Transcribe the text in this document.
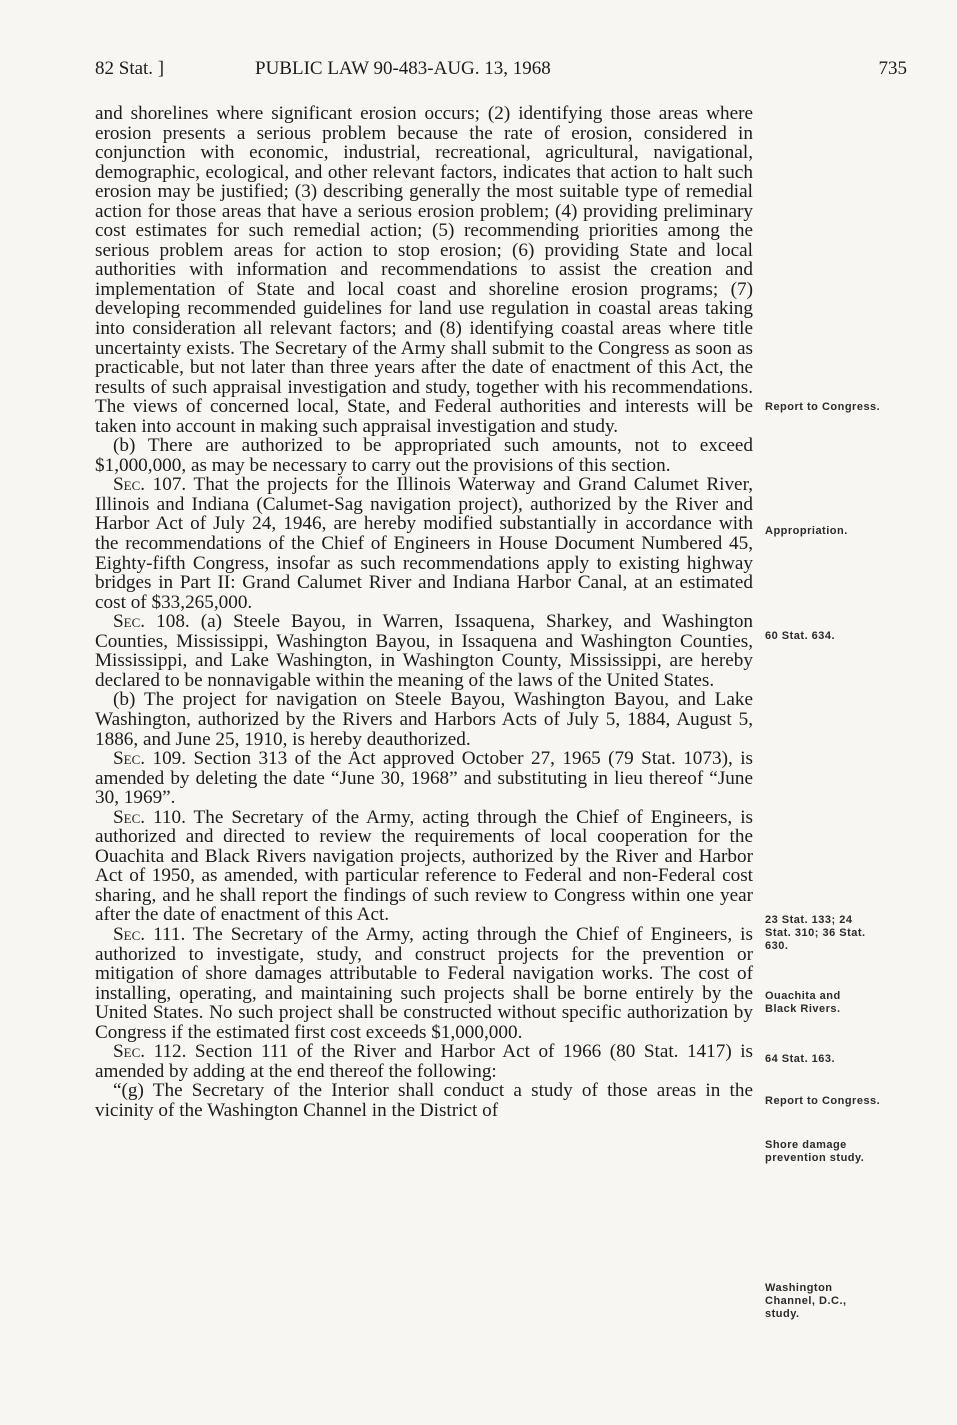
82 Stat. ]	PUBLIC LAW 90-483-AUG. 13, 1968	735

and shorelines where significant erosion occurs; (2) identifying those areas where erosion presents a serious problem because the rate of erosion, considered in conjunction with economic, industrial, recreational, agricultural, navigational, demographic, ecological, and other relevant factors, indicates that action to halt such erosion may be justified; (3) describing generally the most suitable type of remedial action for those areas that have a serious erosion problem; (4) providing preliminary cost estimates for such remedial action; (5) recommending priorities among the serious problem areas for action to stop erosion; (6) providing State and local authorities with information and recommendations to assist the creation and implementation of State and local coast and shoreline erosion programs; (7) developing recommended guidelines for land use regulation in coastal areas taking into consideration all relevant factors; and (8) identifying coastal areas where title uncertainty exists. The Secretary of the Army shall submit to the Congress as soon as practicable, but not later than three years after the date of enactment of this Act, the results of such appraisal investigation and study, together with his recommendations. The views of concerned local, State, and Federal authorities and interests will be taken into account in making such appraisal investigation and study.

(b) There are authorized to be appropriated such amounts, not to exceed $1,000,000, as may be necessary to carry out the provisions of this section.

Sec. 107. That the projects for the Illinois Waterway and Grand Calumet River, Illinois and Indiana (Calumet-Sag navigation project), authorized by the River and Harbor Act of July 24, 1946, are hereby modified substantially in accordance with the recommendations of the Chief of Engineers in House Document Numbered 45, Eighty-fifth Congress, insofar as such recommendations apply to existing highway bridges in Part II: Grand Calumet River and Indiana Harbor Canal, at an estimated cost of $33,265,000.

Sec. 108. (a) Steele Bayou, in Warren, Issaquena, Sharkey, and Washington Counties, Mississippi, Washington Bayou, in Issaquena and Washington Counties, Mississippi, and Lake Washington, in Washington County, Mississippi, are hereby declared to be nonnavigable within the meaning of the laws of the United States.

(b) The project for navigation on Steele Bayou, Washington Bayou, and Lake Washington, authorized by the Rivers and Harbors Acts of July 5, 1884, August 5, 1886, and June 25, 1910, is hereby deauthorized.

Sec. 109. Section 313 of the Act approved October 27, 1965 (79 Stat. 1073), is amended by deleting the date “June 30, 1968” and substituting in lieu thereof “June 30, 1969”.

Sec. 110. The Secretary of the Army, acting through the Chief of Engineers, is authorized and directed to review the requirements of local cooperation for the Ouachita and Black Rivers navigation projects, authorized by the River and Harbor Act of 1950, as amended, with particular reference to Federal and non-Federal cost sharing, and he shall report the findings of such review to Congress within one year after the date of enactment of this Act.

Sec. 111. The Secretary of the Army, acting through the Chief of Engineers, is authorized to investigate, study, and construct projects for the prevention or mitigation of shore damages attributable to Federal navigation works. The cost of installing, operating, and maintaining such projects shall be borne entirely by the United States. No such project shall be constructed without specific authorization by Congress if the estimated first cost exceeds $1,000,000.

Sec. 112. Section 111 of the River and Harbor Act of 1966 (80 Stat. 1417) is amended by adding at the end thereof the following:

“(g) The Secretary of the Interior shall conduct a study of those areas in the vicinity of the Washington Channel in the District of

Report to Congress.
Appropriation.
60 Stat. 634.
23 Stat. 133; 24 Stat. 310; 36 Stat. 630.
Ouachita and Black Rivers.
64 Stat. 163.
Report to Congress.
Shore damage prevention study.
Washington Channel, D.C., study.
